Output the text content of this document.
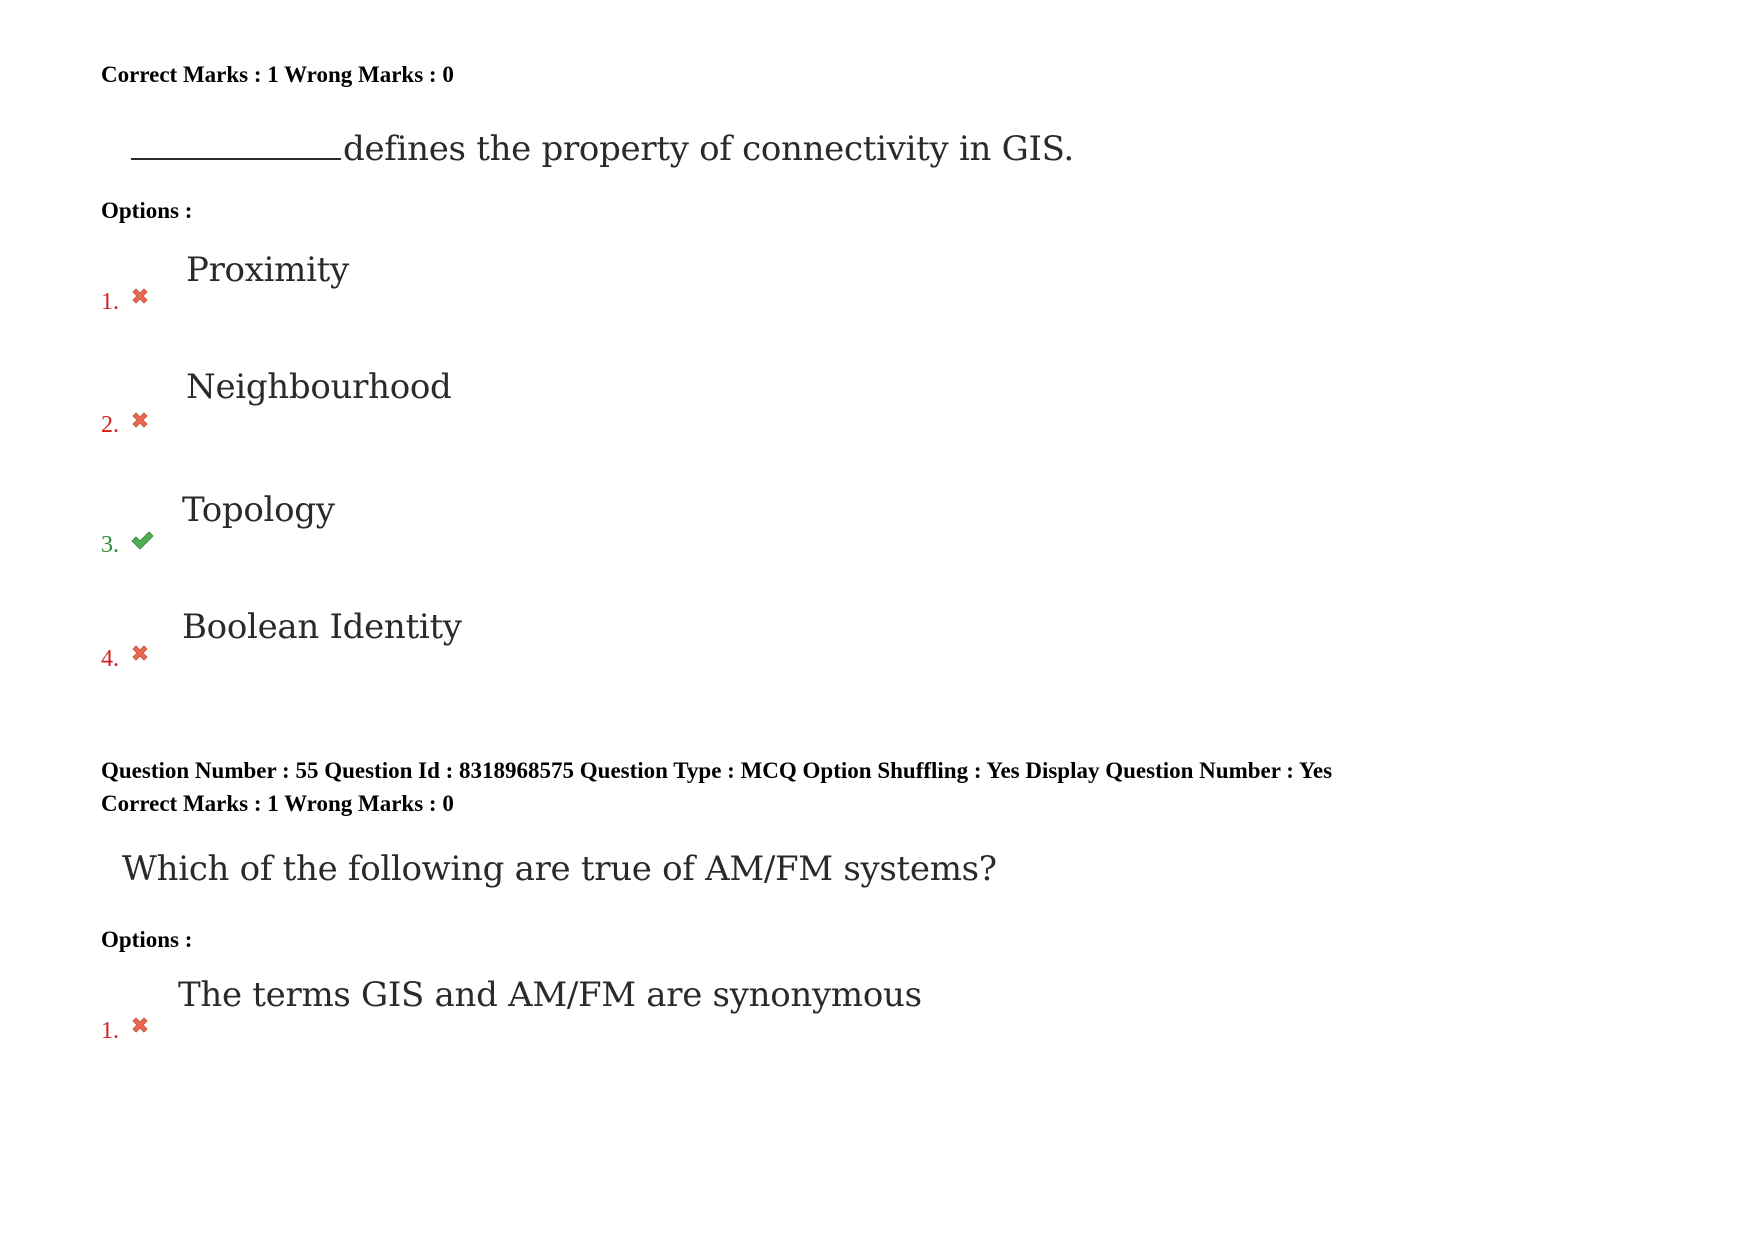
Correct Marks : 1 Wrong Marks : 0
defines the property of connectivity in GIS.
Options :
Proximity
1.
Neighbourhood
2.
Topology
3.
Boolean Identity
4.
Question Number : 55 Question Id : 8318968575 Question Type : MCQ Option Shuffling : Yes Display Question Number : Yes
Correct Marks : 1 Wrong Marks : 0
Which of the following are true of AM/FM systems?
Options :
The terms GIS and AM/FM are synonymous
1.
